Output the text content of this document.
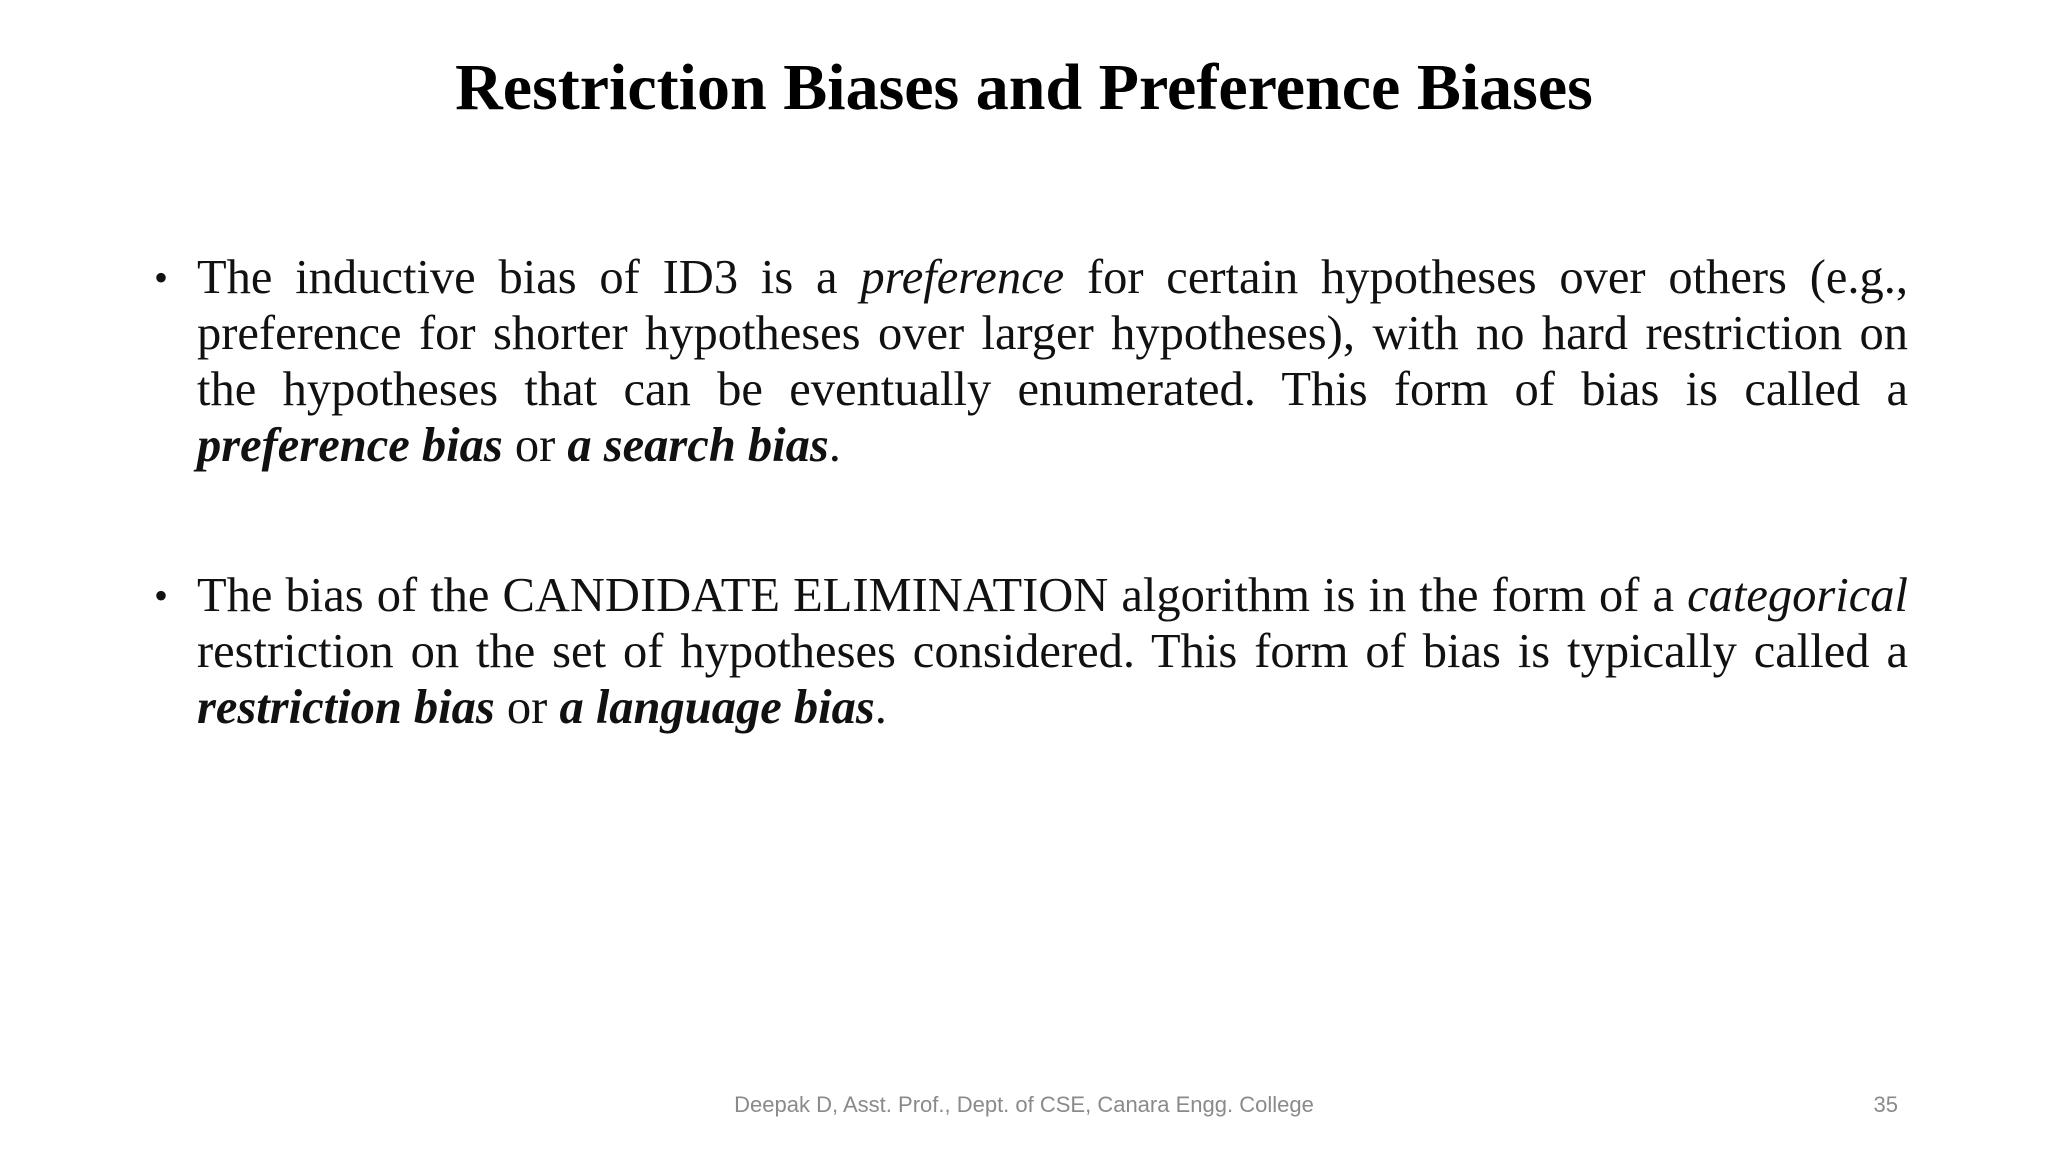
Restriction Biases and Preference Biases
• The inductive bias of ID3 is a preference for certain hypotheses over others (e.g., preference for shorter hypotheses over larger hypotheses), with no hard restriction on the hypotheses that can be eventually enumerated. This form of bias is called a preference bias or a search bias.
• The bias of the CANDIDATE ELIMINATION algorithm is in the form of a categorical restriction on the set of hypotheses considered. This form of bias is typically called a restriction bias or a language bias.
Deepak D, Asst. Prof., Dept. of CSE, Canara Engg. College	35
